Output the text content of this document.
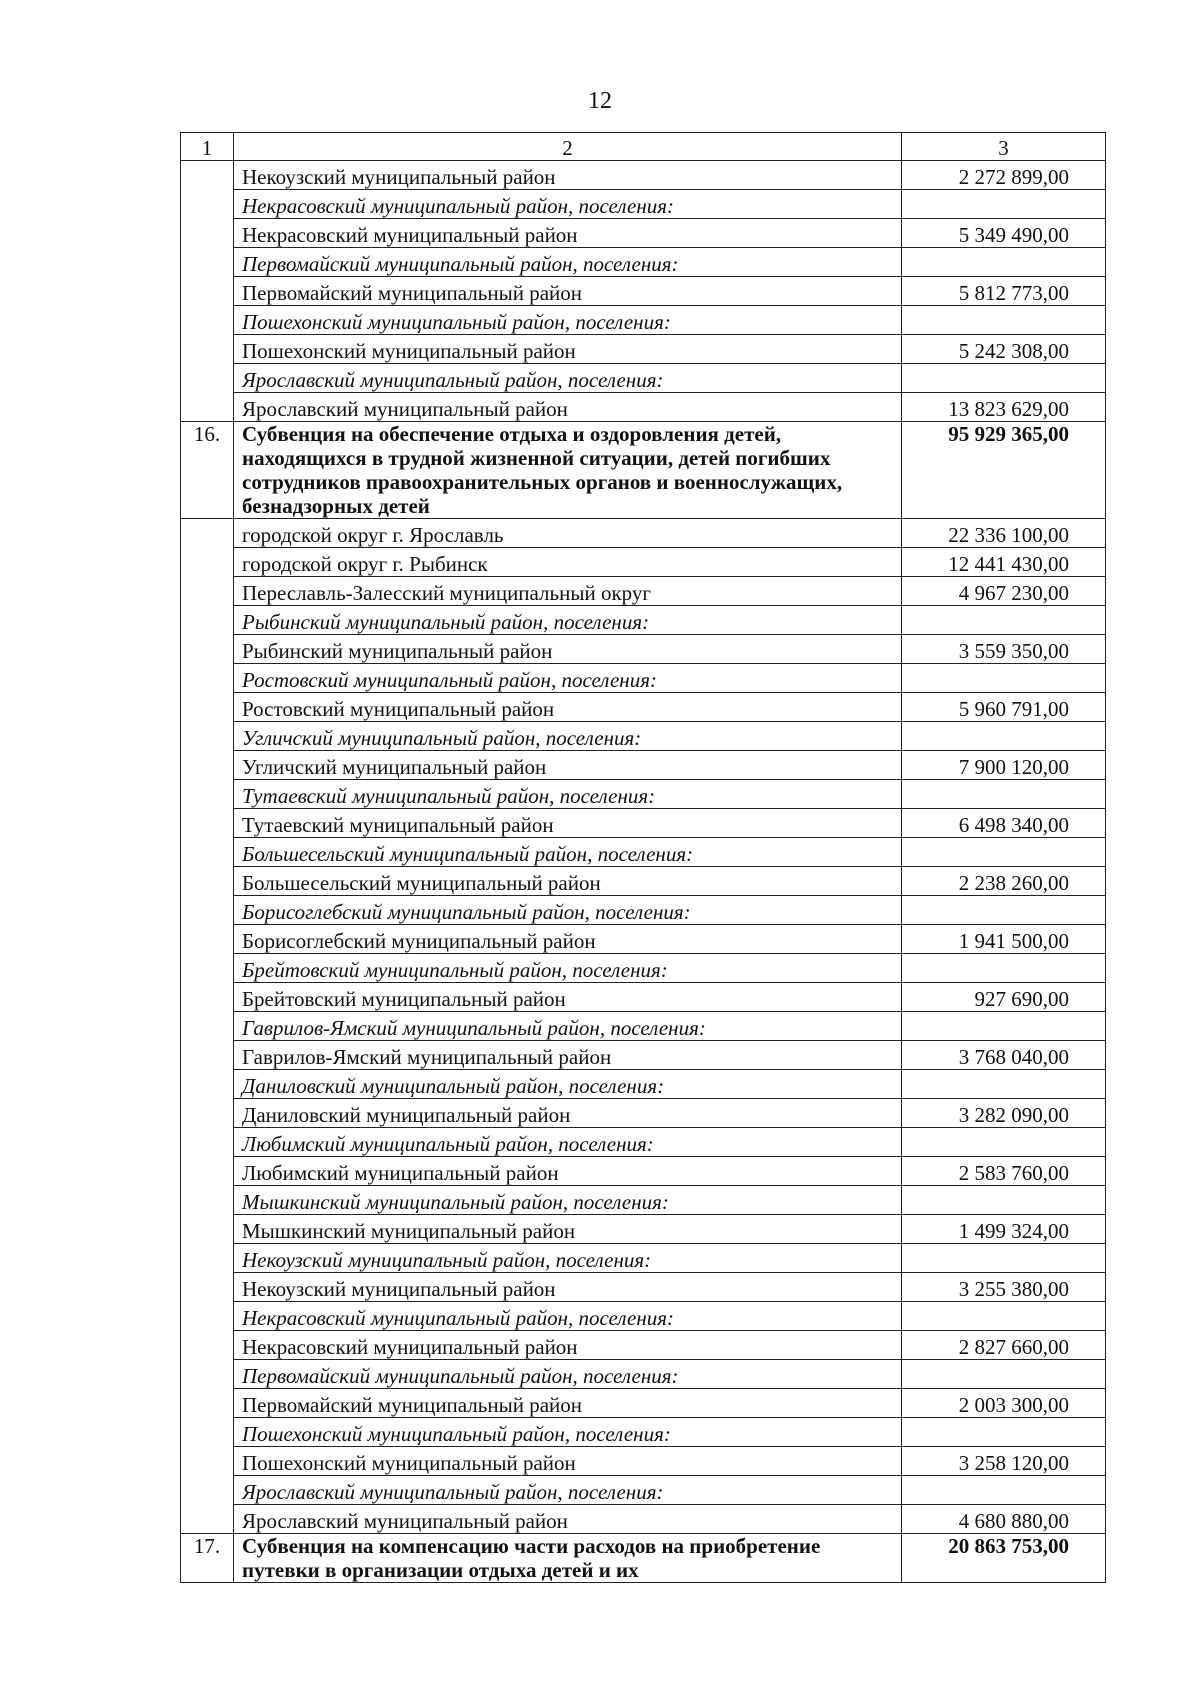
12
1	2	3
	Некоузский муниципальный район	2 272 899,00
	Некрасовский муниципальный район, поселения:	
	Некрасовский муниципальный район	5 349 490,00
	Первомайский муниципальный район, поселения:	
	Первомайский муниципальный район	5 812 773,00
	Пошехонский муниципальный район, поселения:	
	Пошехонский муниципальный район	5 242 308,00
	Ярославский муниципальный район, поселения:	
	Ярославский муниципальный район	13 823 629,00
16.	Субвенция на обеспечение отдыха и оздоровления детей, находящихся в трудной жизненной ситуации, детей погибших сотрудников правоохранительных органов и военнослужащих, безнадзорных детей	95 929 365,00
	городской округ г. Ярославль	22 336 100,00
	городской округ г. Рыбинск	12 441 430,00
	Переславль-Залесский муниципальный округ	4 967 230,00
	Рыбинский муниципальный район, поселения:	
	Рыбинский муниципальный район	3 559 350,00
	Ростовский муниципальный район, поселения:	
	Ростовский муниципальный район	5 960 791,00
	Угличский муниципальный район, поселения:	
	Угличский муниципальный район	7 900 120,00
	Тутаевский муниципальный район, поселения:	
	Тутаевский муниципальный район	6 498 340,00
	Большесельский муниципальный район, поселения:	
	Большесельский муниципальный район	2 238 260,00
	Борисоглебский муниципальный район, поселения:	
	Борисоглебский муниципальный район	1 941 500,00
	Брейтовский муниципальный район, поселения:	
	Брейтовский муниципальный район	927 690,00
	Гаврилов-Ямский муниципальный район, поселения:	
	Гаврилов-Ямский муниципальный район	3 768 040,00
	Даниловский муниципальный район, поселения:	
	Даниловский муниципальный район	3 282 090,00
	Любимский муниципальный район, поселения:	
	Любимский муниципальный район	2 583 760,00
	Мышкинский муниципальный район, поселения:	
	Мышкинский муниципальный район	1 499 324,00
	Некоузский муниципальный район, поселения:	
	Некоузский муниципальный район	3 255 380,00
	Некрасовский муниципальный район, поселения:	
	Некрасовский муниципальный район	2 827 660,00
	Первомайский муниципальный район, поселения:	
	Первомайский муниципальный район	2 003 300,00
	Пошехонский муниципальный район, поселения:	
	Пошехонский муниципальный район	3 258 120,00
	Ярославский муниципальный район, поселения:	
	Ярославский муниципальный район	4 680 880,00
17.	Субвенция на компенсацию части расходов на приобретение путевки в организации отдыха детей и их	20 863 753,00
